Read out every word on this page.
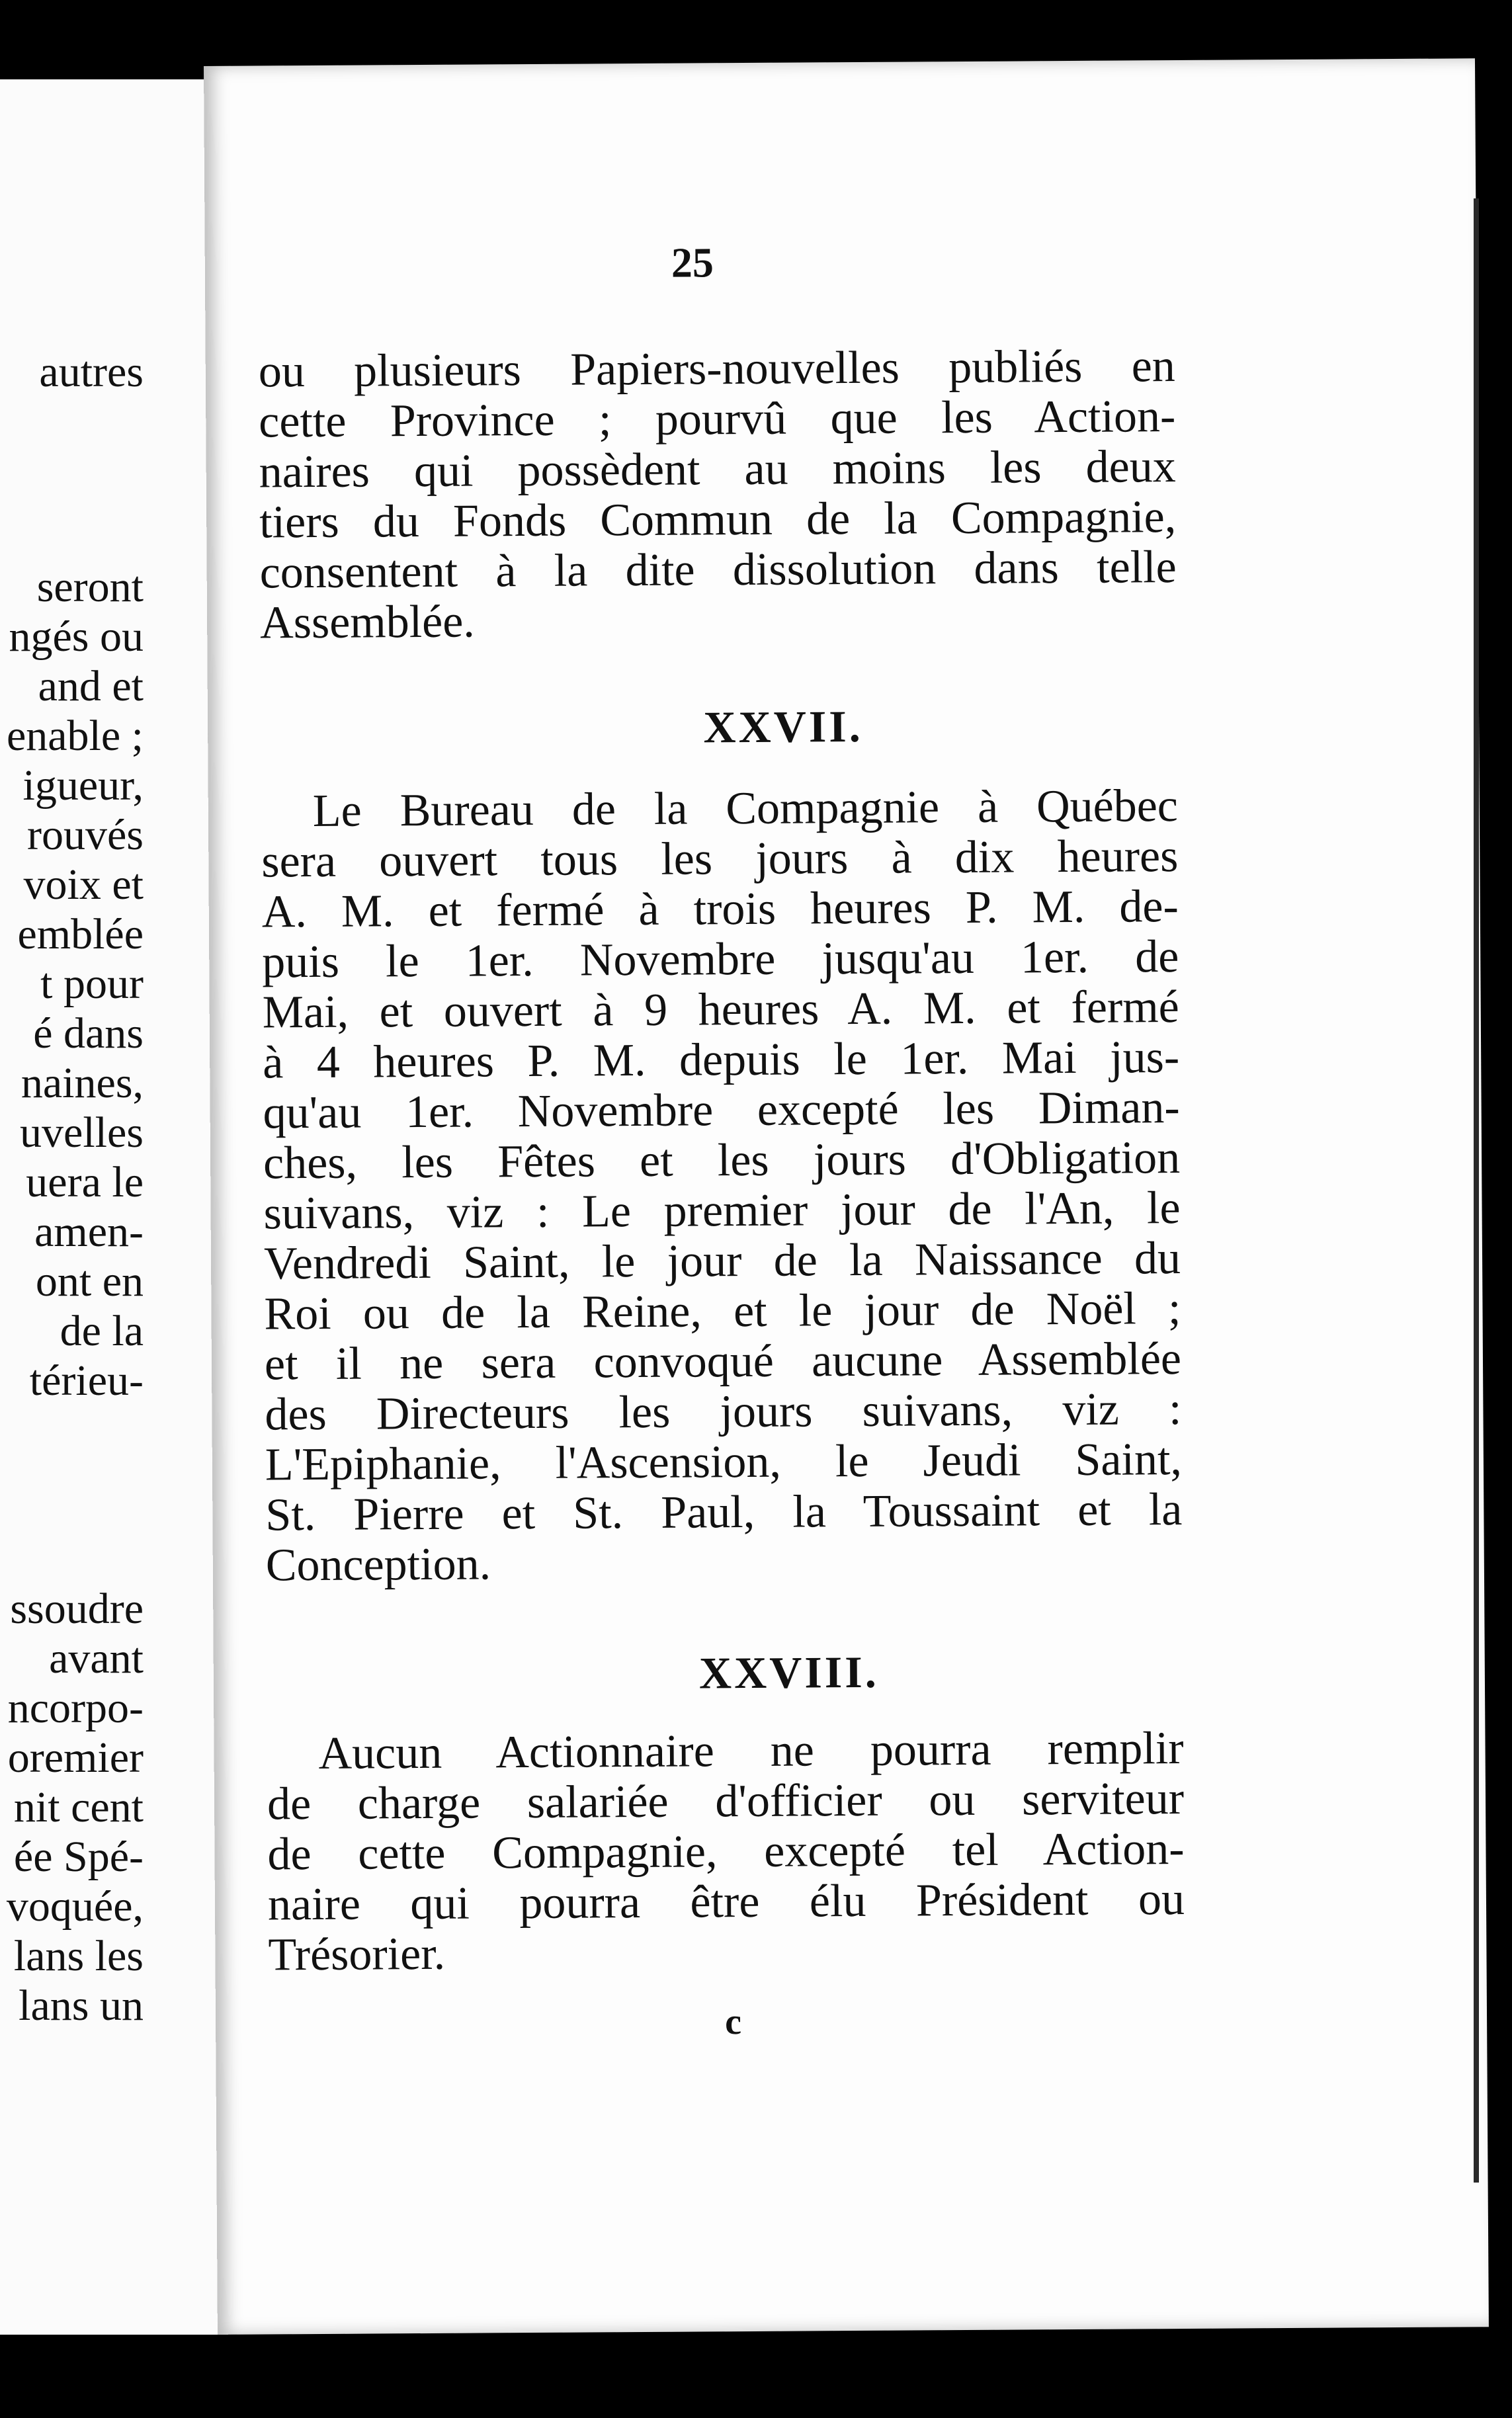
autres
seront
ngés ou
and et
enable ;
igueur,
rouvés
voix et
emblée
t pour
é dans
naines,
uvelles
uera le
amen-
ont en
de la
térieu-
ssoudre
avant
ncorpo-
oremier
nit cent
ée Spé-
voquée,
lans les
lans un
25
ou plusieurs Papiers-nouvelles publiés en
cette Province ; pourvû que les Action-
naires qui possèdent au moins les deux
tiers du Fonds Commun de la Compagnie,
consentent à la dite dissolution dans telle
Assemblée.
XXVII.
Le Bureau de la Compagnie à Québec
sera ouvert tous les jours à dix heures
A. M. et fermé à trois heures P. M. de-
puis le 1er. Novembre jusqu'au 1er. de
Mai, et ouvert à 9 heures A. M. et fermé
à 4 heures P. M. depuis le 1er. Mai jus-
qu'au 1er. Novembre excepté les Diman-
ches, les Fêtes et les jours d'Obligation
suivans, viz : Le premier jour de l'An, le
Vendredi Saint, le jour de la Naissance du
Roi ou de la Reine, et le jour de Noël ;
et il ne sera convoqué aucune Assemblée
des Directeurs les jours suivans, viz :
L'Epiphanie, l'Ascension, le Jeudi Saint,
St. Pierre et St. Paul, la Toussaint et la
Conception.
XXVIII.
Aucun Actionnaire ne pourra remplir
de charge salariée d'officier ou serviteur
de cette Compagnie, excepté tel Action-
naire qui pourra être élu Président ou
Trésorier.
c
